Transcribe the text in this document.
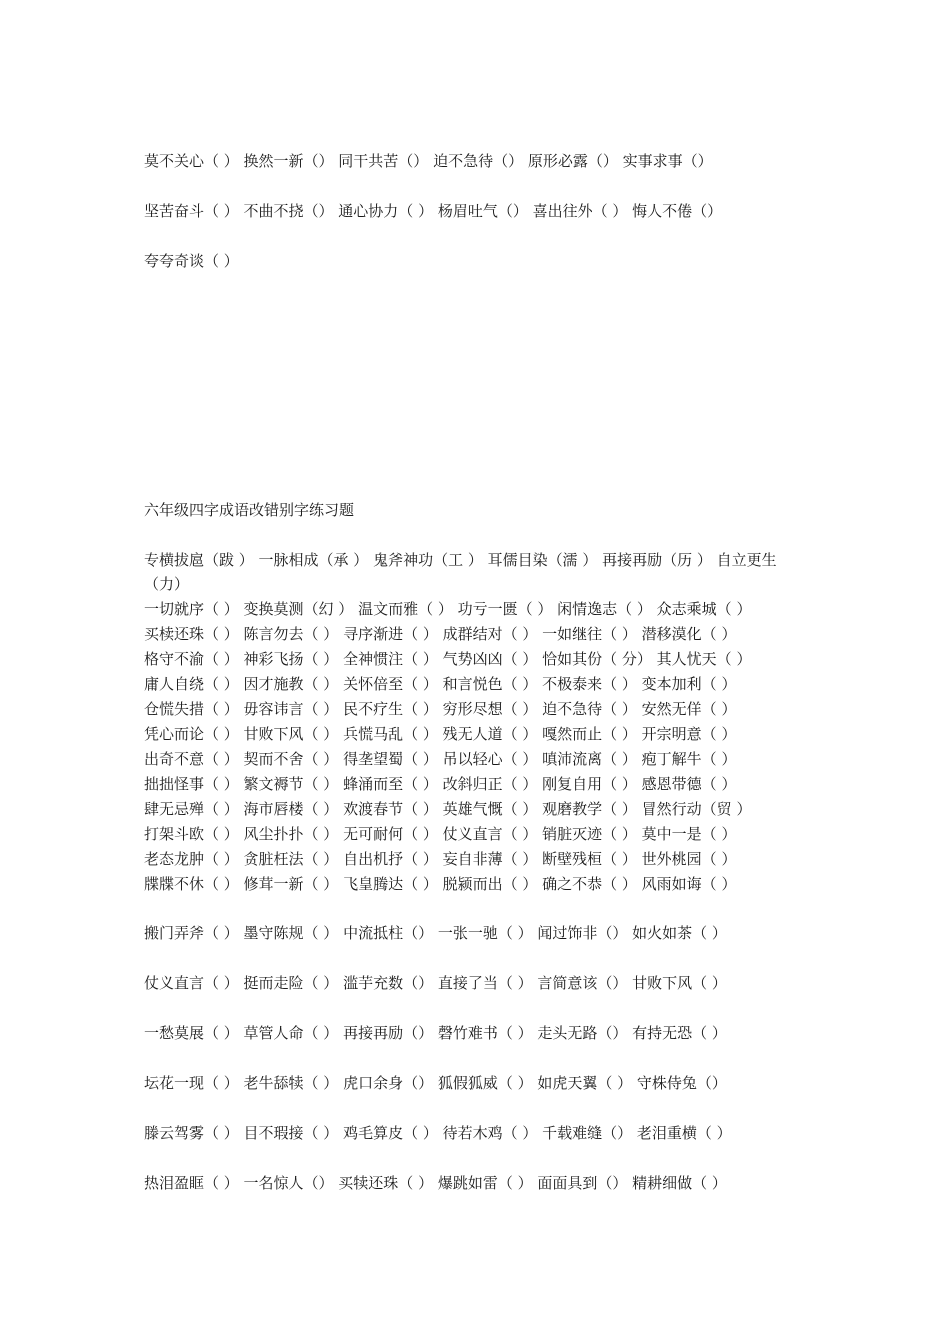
莫不关心（ ） 换然一新（） 同干共苦（） 迫不急待（） 原形必露（） 实事求事（）
坚苦奋斗（ ） 不曲不挠（） 通心协力（ ） 杨眉吐气（） 喜出往外（ ） 悔人不倦（）
夸夸奇谈（ ）
六年级四字成语改错别字练习题
专横拔扈（跋 ） 一脉相成（承 ） 鬼斧神功（工 ） 耳儒目染（濡 ） 再接再励（历 ） 自立更生
（力）
一切就序（ ） 变换莫测（幻 ） 温文而雅（ ） 功亏一匮（ ） 闲情逸志（ ） 众志乘城（ ）
买椟还珠（ ） 陈言勿去（ ） 寻序渐进（ ） 成群结对（ ） 一如继往（ ） 潜移漠化（ ）
格守不渝（ ） 神彩飞扬（ ） 全神惯注（ ） 气势凶凶（ ） 恰如其份（ 分） 其人忧天（ ）
庸人自绕（ ） 因才施教（ ） 关怀倍至（ ） 和言悦色（ ） 不极泰来（ ） 变本加利（ ）
仓慌失措（ ） 毋容讳言（ ） 民不疗生（ ） 穷形尽想（ ） 迫不急待（ ） 安然无佯（ ）
凭心而论（ ） 甘败下风（ ） 兵慌马乱（ ） 残无人道（ ） 嘎然而止（ ） 开宗明意（ ）
出奇不意（ ） 契而不舍（ ） 得垄望蜀（ ） 吊以轻心（ ） 嗔沛流离（ ） 疱丁解牛（ ）
拙拙怪事（ ） 繁文褥节（ ） 蜂涌而至（ ） 改斜归正（ ） 刚复自用（ ） 感恩带德（ ）
肆无忌殚（ ） 海市唇楼（ ） 欢渡春节（ ） 英雄气慨（ ） 观磨教学（ ） 冒然行动（贸 ）
打架斗欧（ ） 风尘扑扑（ ） 无可耐何（ ） 仗义直言（ ） 销脏灭迹（ ） 莫中一是（ ）
老态龙肿（ ） 贪脏枉法（ ） 自出机抒（ ） 妄自非薄（ ） 断壁残桓（ ） 世外桃园（ ）
牒牒不休（ ） 修茸一新（ ） 飞皇腾达（ ） 脱颍而出（ ） 确之不恭（ ） 风雨如诲（ ）
搬门弄斧（ ） 墨守陈规（ ） 中流抵柱（） 一张一驰（ ） 闻过饰非（） 如火如茶（ ）
仗义直言（ ） 挺而走险（ ） 滥芋充数（） 直接了当（ ） 言简意该（） 甘败下风（ ）
一愁莫展（ ） 草管人命（ ） 再接再励（） 磬竹难书（ ） 走头无路（） 有持无恐（ ）
坛花一现（ ） 老牛舔犊（ ） 虎口余身（） 狐假狐威（ ） 如虎天翼（ ） 守株侍兔（）
滕云驾雾（ ） 目不瑕接（ ） 鸡毛算皮（ ） 待若木鸡（ ） 千载难缝（） 老泪重横（ ）
热泪盈眶（ ） 一名惊人（） 买犊还珠（ ） 爆跳如雷（ ） 面面具到（） 精耕细做（ ）
